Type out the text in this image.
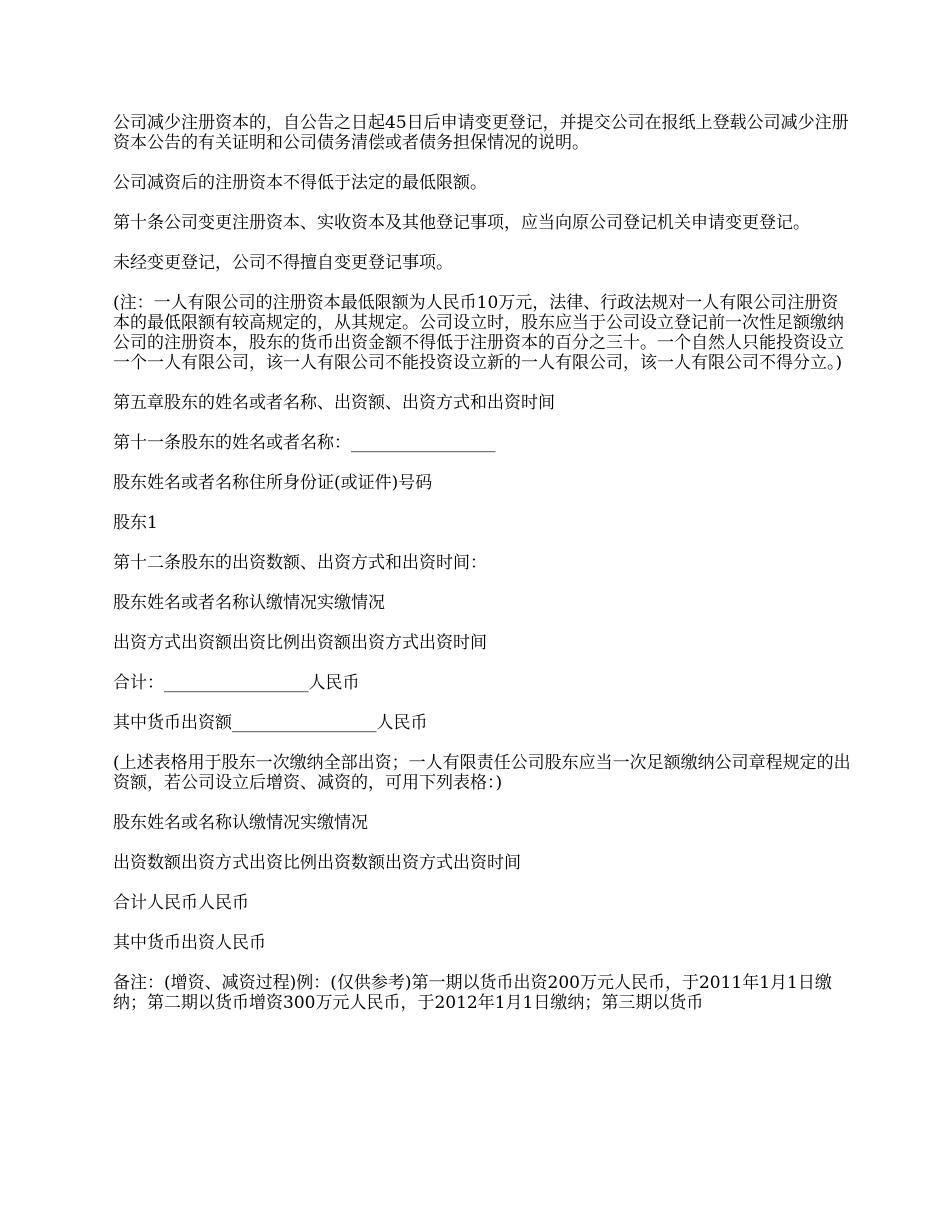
公司减少注册资本的，自公告之日起45日后申请变更登记，并提交公司在报纸上登载公司减少注册资本公告的有关证明和公司债务清偿或者债务担保情况的说明。

公司减资后的注册资本不得低于法定的最低限额。

第十条公司变更注册资本、实收资本及其他登记事项，应当向原公司登记机关申请变更登记。

未经变更登记，公司不得擅自变更登记事项。

(注：一人有限公司的注册资本最低限额为人民币10万元，法律、行政法规对一人有限公司注册资本的最低限额有较高规定的，从其规定。公司设立时，股东应当于公司设立登记前一次性足额缴纳公司的注册资本，股东的货币出资金额不得低于注册资本的百分之三十。一个自然人只能投资设立一个一人有限公司，该一人有限公司不能投资设立新的一人有限公司，该一人有限公司不得分立。)

第五章股东的姓名或者名称、出资额、出资方式和出资时间

第十一条股东的姓名或者名称：_________________

股东姓名或者名称住所身份证(或证件)号码

股东1

第十二条股东的出资数额、出资方式和出资时间：

股东姓名或者名称认缴情况实缴情况

出资方式出资额出资比例出资额出资方式出资时间

合计：_________________人民币

其中货币出资额_________________人民币

(上述表格用于股东一次缴纳全部出资；一人有限责任公司股东应当一次足额缴纳公司章程规定的出资额，若公司设立后增资、减资的，可用下列表格：)

股东姓名或名称认缴情况实缴情况

出资数额出资方式出资比例出资数额出资方式出资时间

合计人民币人民币

其中货币出资人民币

备注：(增资、减资过程)例：(仅供参考)第一期以货币出资200万元人民币，于2011年1月1日缴纳；第二期以货币增资300万元人民币，于2012年1月1日缴纳；第三期以货币
